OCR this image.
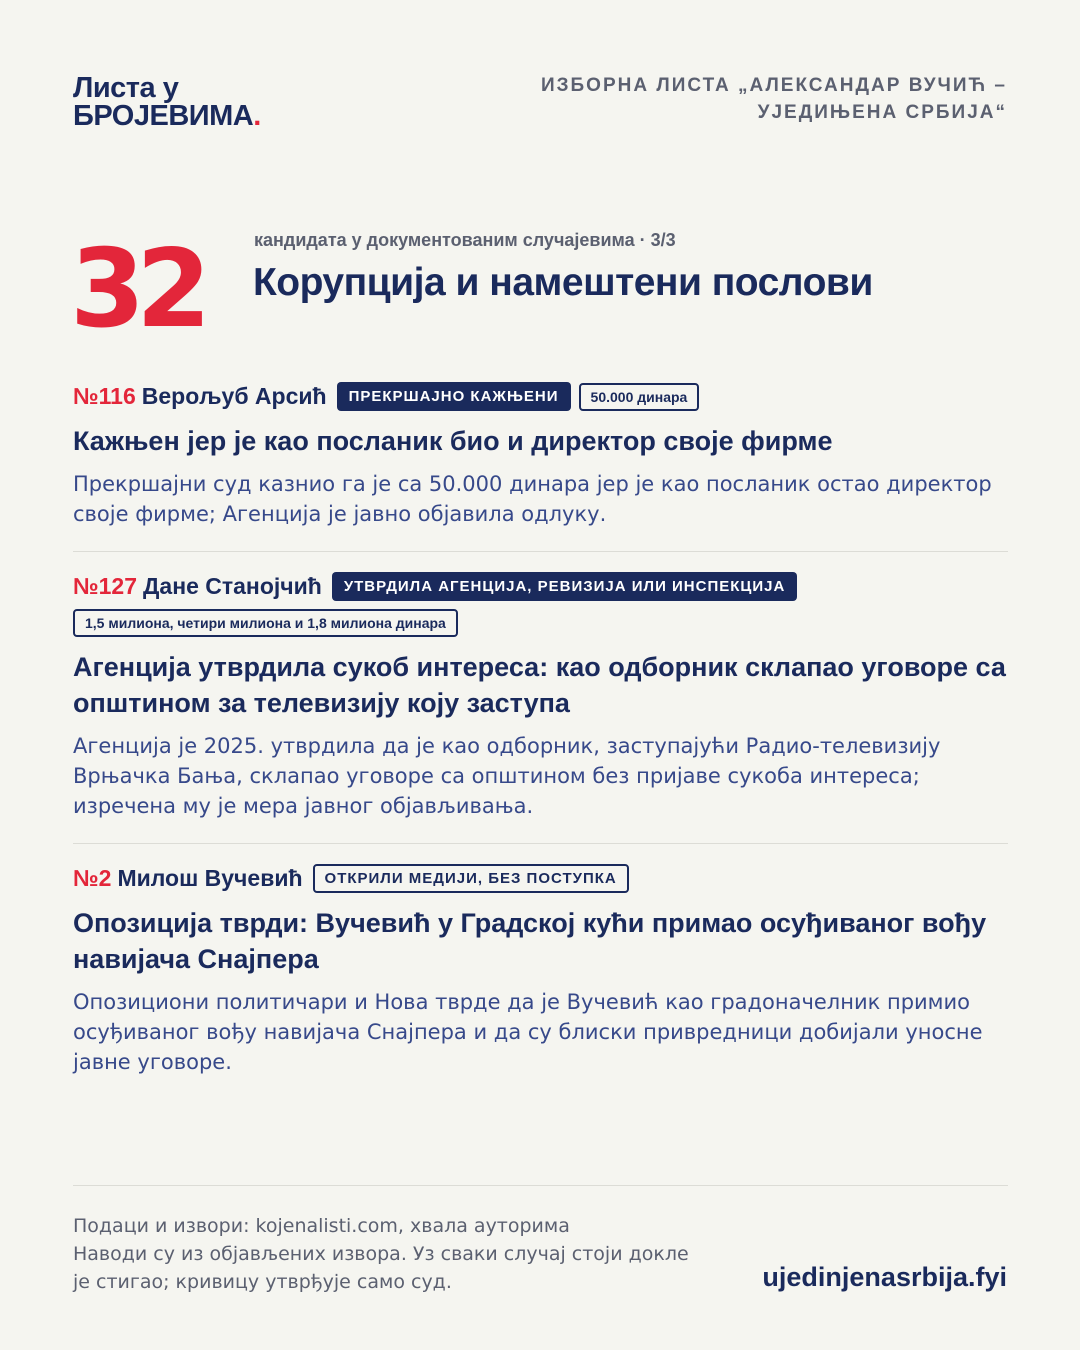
Листа у
БРОЈЕВИМА.
ИЗБОРНА ЛИСТА „АЛЕКСАНДАР ВУЧИЋ – УЈЕДИЊЕНА СРБИЈА“
32	кандидата у документованим случајевима · 3/3
Корупција и намештени послови
№116 Верољуб Арсић	ПРЕКРШАЈНО КАЖЊЕНИ	50.000 динара
Кажњен јер је као посланик био и директор своје фирме
Прекршајни суд казнио га је са 50.000 динара јер је као посланик остао директор своје фирме; Агенција је јавно објавила одлуку.
№127 Дане Станојчић	УТВРДИЛА АГЕНЦИЈА, РЕВИЗИЈА ИЛИ ИНСПЕКЦИЈА
1,5 милиона, четири милиона и 1,8 милиона динара
Агенција утврдила сукоб интереса: као одборник склапао уговоре са општином за телевизију коју заступа
Агенција је 2025. утврдила да је као одборник, заступајући Радио-телевизију Врњачка Бања, склапао уговоре са општином без пријаве сукоба интереса; изречена му је мера јавног објављивања.
№2 Милош Вучевић	ОТКРИЛИ МЕДИЈИ, БЕЗ ПОСТУПКА
Опозиција тврди: Вучевић у Градској кући примао осуђиваног вођу навијача Снајпера
Опозициони политичари и Нова тврде да је Вучевић као градоначелник примио осуђиваног вођу навијача Снајпера и да су блиски привредници добијали уносне јавне уговоре.
Подаци и извори: kojenalisti.com, хвала ауторима
Наводи су из објављених извора. Уз сваки случај стоји докле је стигао; кривицу утврђује само суд.	ujedinjenasrbija.fyi
